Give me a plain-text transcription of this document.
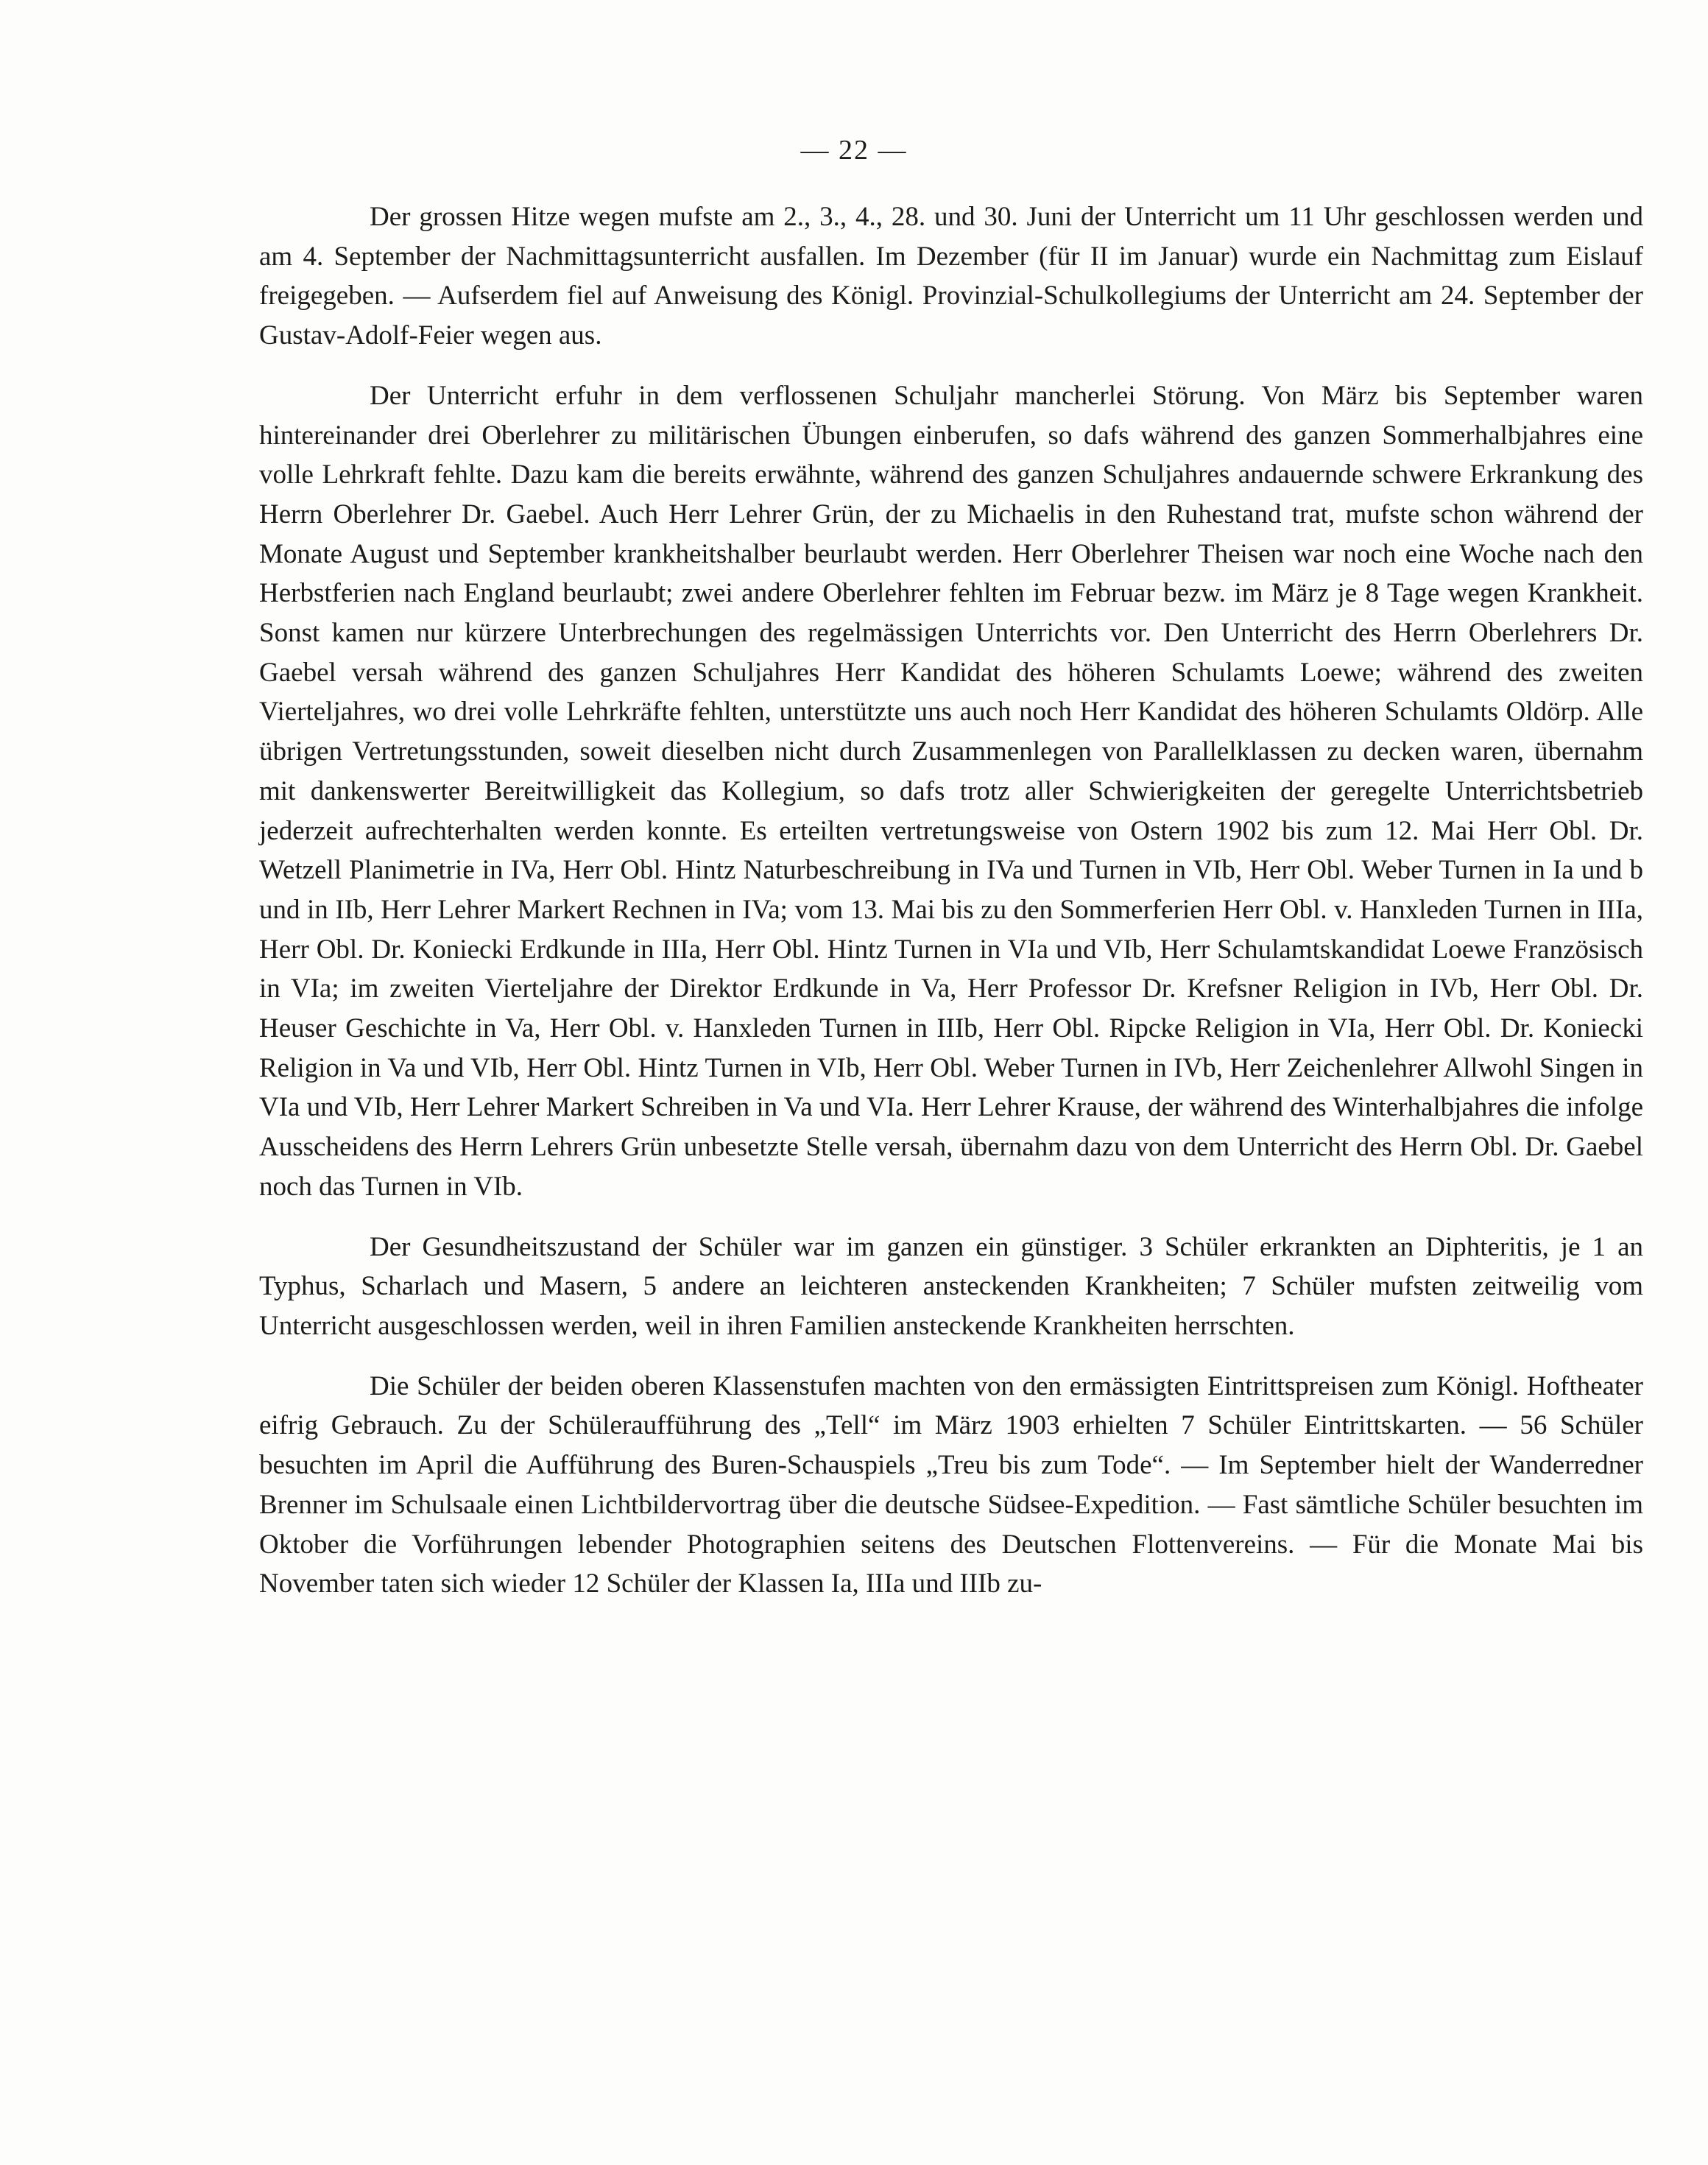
— 22 —

Der grossen Hitze wegen mufste am 2., 3., 4., 28. und 30. Juni der Unterricht um 11 Uhr geschlossen werden und am 4. September der Nachmittagsunterricht ausfallen. Im Dezember (für II im Januar) wurde ein Nachmittag zum Eislauf freigegeben. — Aufserdem fiel auf Anweisung des Königl. Provinzial-Schulkollegiums der Unterricht am 24. September der Gustav-Adolf-Feier wegen aus.

Der Unterricht erfuhr in dem verflossenen Schuljahr mancherlei Störung. Von März bis September waren hintereinander drei Oberlehrer zu militärischen Übungen einberufen, so dafs während des ganzen Sommerhalbjahres eine volle Lehrkraft fehlte. Dazu kam die bereits erwähnte, während des ganzen Schuljahres andauernde schwere Erkrankung des Herrn Oberlehrer Dr. Gaebel. Auch Herr Lehrer Grün, der zu Michaelis in den Ruhestand trat, mufste schon während der Monate August und September krankheitshalber beurlaubt werden. Herr Oberlehrer Theisen war noch eine Woche nach den Herbstferien nach England beurlaubt; zwei andere Oberlehrer fehlten im Februar bezw. im März je 8 Tage wegen Krankheit. Sonst kamen nur kürzere Unterbrechungen des regelmässigen Unterrichts vor. Den Unterricht des Herrn Oberlehrers Dr. Gaebel versah während des ganzen Schuljahres Herr Kandidat des höheren Schulamts Loewe; während des zweiten Vierteljahres, wo drei volle Lehrkräfte fehlten, unterstützte uns auch noch Herr Kandidat des höheren Schulamts Oldörp. Alle übrigen Vertretungsstunden, soweit dieselben nicht durch Zusammenlegen von Parallelklassen zu decken waren, übernahm mit dankenswerter Bereitwilligkeit das Kollegium, so dafs trotz aller Schwierigkeiten der geregelte Unterrichtsbetrieb jederzeit aufrechterhalten werden konnte. Es erteilten vertretungsweise von Ostern 1902 bis zum 12. Mai Herr Obl. Dr. Wetzell Planimetrie in IVa, Herr Obl. Hintz Naturbeschreibung in IVa und Turnen in VIb, Herr Obl. Weber Turnen in Ia und b und in IIb, Herr Lehrer Markert Rechnen in IVa; vom 13. Mai bis zu den Sommerferien Herr Obl. v. Hanxleden Turnen in IIIa, Herr Obl. Dr. Koniecki Erdkunde in IIIa, Herr Obl. Hintz Turnen in VIa und VIb, Herr Schulamtskandidat Loewe Französisch in VIa; im zweiten Vierteljahre der Direktor Erdkunde in Va, Herr Professor Dr. Krefsner Religion in IVb, Herr Obl. Dr. Heuser Geschichte in Va, Herr Obl. v. Hanxleden Turnen in IIIb, Herr Obl. Ripcke Religion in VIa, Herr Obl. Dr. Koniecki Religion in Va und VIb, Herr Obl. Hintz Turnen in VIb, Herr Obl. Weber Turnen in IVb, Herr Zeichenlehrer Allwohl Singen in VIa und VIb, Herr Lehrer Markert Schreiben in Va und VIa. Herr Lehrer Krause, der während des Winterhalbjahres die infolge Ausscheidens des Herrn Lehrers Grün unbesetzte Stelle versah, übernahm dazu von dem Unterricht des Herrn Obl. Dr. Gaebel noch das Turnen in VIb.

Der Gesundheitszustand der Schüler war im ganzen ein günstiger. 3 Schüler erkrankten an Diphteritis, je 1 an Typhus, Scharlach und Masern, 5 andere an leichteren ansteckenden Krankheiten; 7 Schüler mufsten zeitweilig vom Unterricht ausgeschlossen werden, weil in ihren Familien ansteckende Krankheiten herrschten.

Die Schüler der beiden oberen Klassenstufen machten von den ermässigten Eintrittspreisen zum Königl. Hoftheater eifrig Gebrauch. Zu der Schüleraufführung des „Tell“ im März 1903 erhielten 7 Schüler Eintrittskarten. — 56 Schüler besuchten im April die Aufführung des Buren-Schauspiels „Treu bis zum Tode“. — Im September hielt der Wanderredner Brenner im Schulsaale einen Lichtbildervortrag über die deutsche Südsee-Expedition. — Fast sämtliche Schüler besuchten im Oktober die Vorführungen lebender Photographien seitens des Deutschen Flottenvereins. — Für die Monate Mai bis November taten sich wieder 12 Schüler der Klassen Ia, IIIa und IIIb zu-
